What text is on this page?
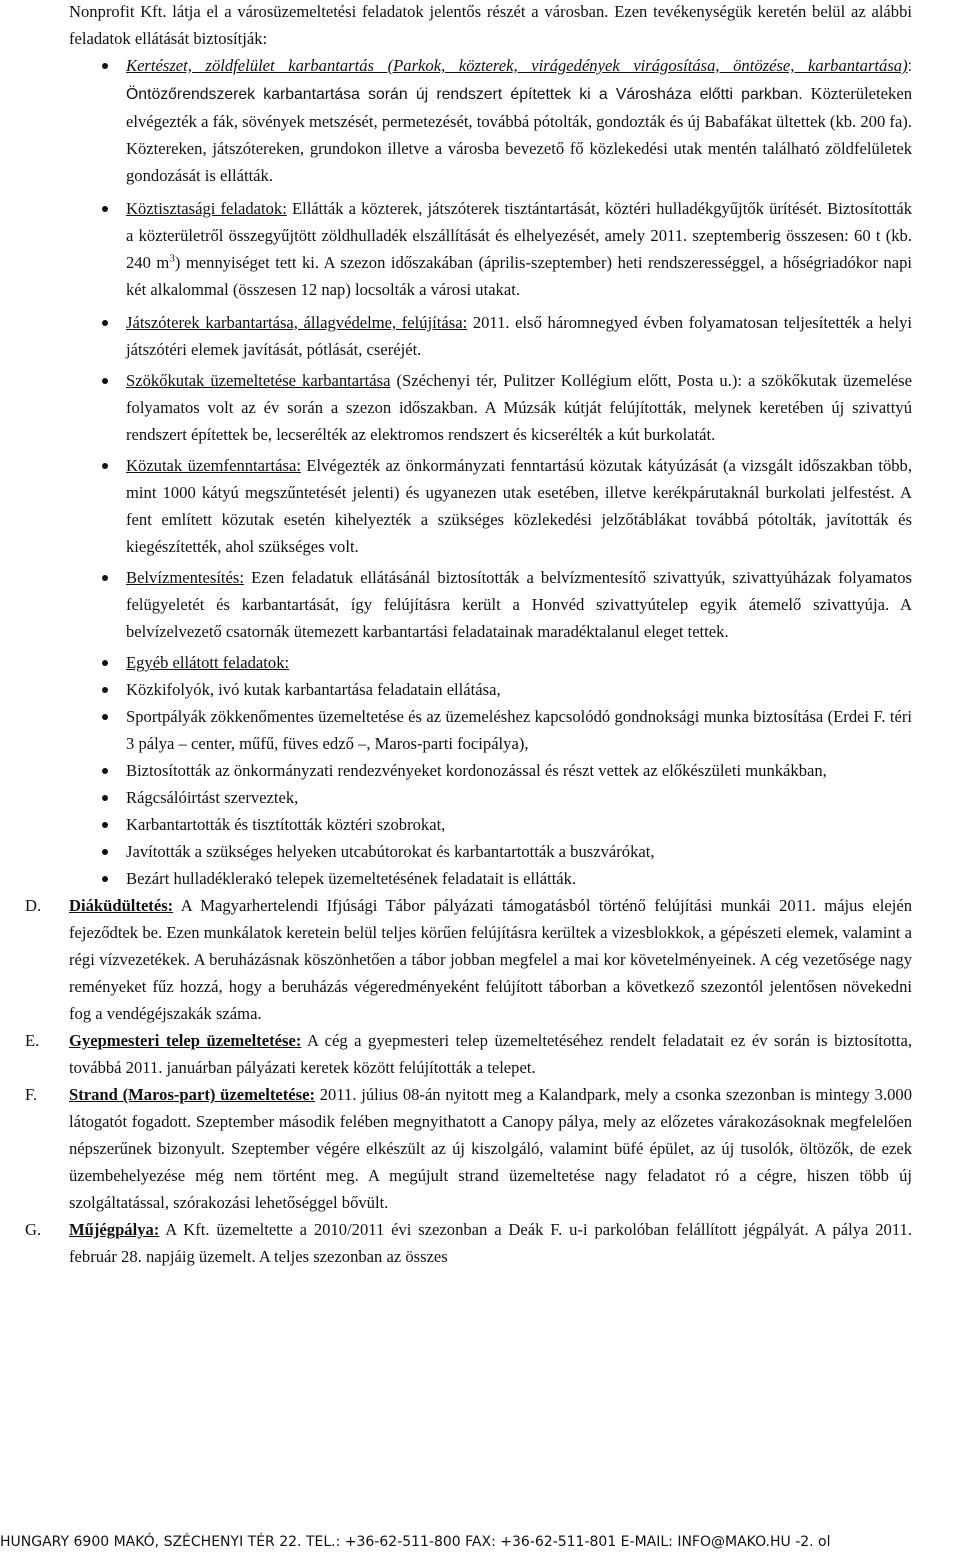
Nonprofit Kft. látja el a városüzemeltetési feladatok jelentős részét a városban. Ezen tevékenységük keretén belül az alábbi feladatok ellátását biztosítják:

Kertészet, zöldfelület karbantartás (Parkok, közterek, virágedények virágosítása, öntözése, karbantartása): Öntözőrendszerek karbantartása során új rendszert építettek ki a Városháza előtti parkban. Közterületeken elvégezték a fák, sövények metszését, permetezését, továbbá pótolták, gondozták és új Babafákat ültettek (kb. 200 fa). Köztereken, játszótereken, grundokon illetve a városba bevezető fő közlekedési utak mentén található zöldfelületek gondozását is ellátták.
Köztisztasági feladatok: Ellátták a közterek, játszóterek tisztántartását, köztéri hulladékgyűjtők ürítését. Biztosították a közterületről összegyűjtött zöldhulladék elszállítását és elhelyezését, amely 2011. szeptemberig összesen: 60 t (kb. 240 $m^3$) mennyiséget tett ki. A szezon időszakában (április-szeptember) heti rendszerességgel, a hőségriadókor napi két alkalommal (összesen 12 nap) locsolták a városi utakat.
Játszóterek karbantartása, állagvédelme, felújítása: 2011. első háromnegyed évben folyamatosan teljesítették a helyi játszótéri elemek javítását, pótlását, cseréjét.
Szökőkutak üzemeltetése karbantartása (Széchenyi tér, Pulitzer Kollégium előtt, Posta u.): a szökőkutak üzemelése folyamatos volt az év során a szezon időszakban. A Múzsák kútját felújították, melynek keretében új szivattyú rendszert építettek be, lecserélték az elektromos rendszert és kicserélték a kút burkolatát.
Közutak üzemfenntartása: Elvégezték az önkormányzati fenntartású közutak kátyúzását (a vizsgált időszakban több, mint 1000 kátyú megszűntetését jelenti) és ugyanezen utak esetében, illetve kerékpárutaknál burkolati jelfestést. A fent említett közutak esetén kihelyezték a szükséges közlekedési jelzőtáblákat továbbá pótolták, javították és kiegészítették, ahol szükséges volt.
Belvízmentesítés: Ezen feladatuk ellátásánál biztosították a belvízmentesítő szivattyúk, szivattyúházak folyamatos felügyeletét és karbantartását, így felújításra került a Honvéd szivattyútelep egyik átemelő szivattyúja. A belvízelvezető csatornák ütemezett karbantartási feladatainak maradéktalanul eleget tettek.
Egyéb ellátott feladatok:
Közkifolyók, ivó kutak karbantartása feladatain ellátása,
Sportpályák zökkenőmentes üzemeltetése és az üzemeléshez kapcsolódó gondnoksági munka biztosítása (Erdei F. téri 3 pálya – center, műfű, füves edző –, Maros-parti focipálya),
Biztosították az önkormányzati rendezvényeket kordonozással és részt vettek az előkészületi munkákban,
Rágcsálóirtást szerveztek,
Karbantartották és tisztították köztéri szobrokat,
Javították a szükséges helyeken utcabútorokat és karbantartották a buszvárókat,
Bezárt hulladéklerakó telepek üzemeltetésének feladatait is ellátták.
D. Diáküdültetés: A Magyarhertelendi Ifjúsági Tábor pályázati támogatásból történő felújítási munkái 2011. május elején fejeződtek be. Ezen munkálatok keretein belül teljes körűen felújításra kerültek a vizesblokkok, a gépészeti elemek, valamint a régi vízvezetékek. A beruházásnak köszönhetően a tábor jobban megfelel a mai kor követelményeinek. A cég vezetősége nagy reményeket fűz hozzá, hogy a beruházás végeredményeként felújított táborban a következő szezontól jelentősen növekedni fog a vendégéjszakák száma.
E. Gyepmesteri telep üzemeltetése: A cég a gyepmesteri telep üzemeltetéséhez rendelt feladatait ez év során is biztosította, továbbá 2011. januárban pályázati keretek között felújították a telepet.
F. Strand (Maros-part) üzemeltetése: 2011. július 08-án nyitott meg a Kalandpark, mely a csonka szezonban is mintegy 3.000 látogatót fogadott. Szeptember második felében megnyithatott a Canopy pálya, mely az előzetes várakozásoknak megfelelően népszerűnek bizonyult. Szeptember végére elkészült az új kiszolgáló, valamint büfé épület, az új tusolók, öltözők, de ezek üzembehelyezése még nem történt meg. A megújult strand üzemeltetése nagy feladatot ró a cégre, hiszen több új szolgáltatással, szórakozási lehetőséggel bővült.
G. Műjégpálya: A Kft. üzemeltette a 2010/2011 évi szezonban a Deák F. u-i parkolóban felállított jégpályát. A pálya 2011. február 28. napjáig üzemelt. A teljes szezonban az összes
HUNGARY 6900 MAKÓ, SZÉCHENYI TÉR 22. TEL.: +36-62-511-800 FAX: +36-62-511-801 E-MAIL: INFO@MAKO.HU -2. ol
